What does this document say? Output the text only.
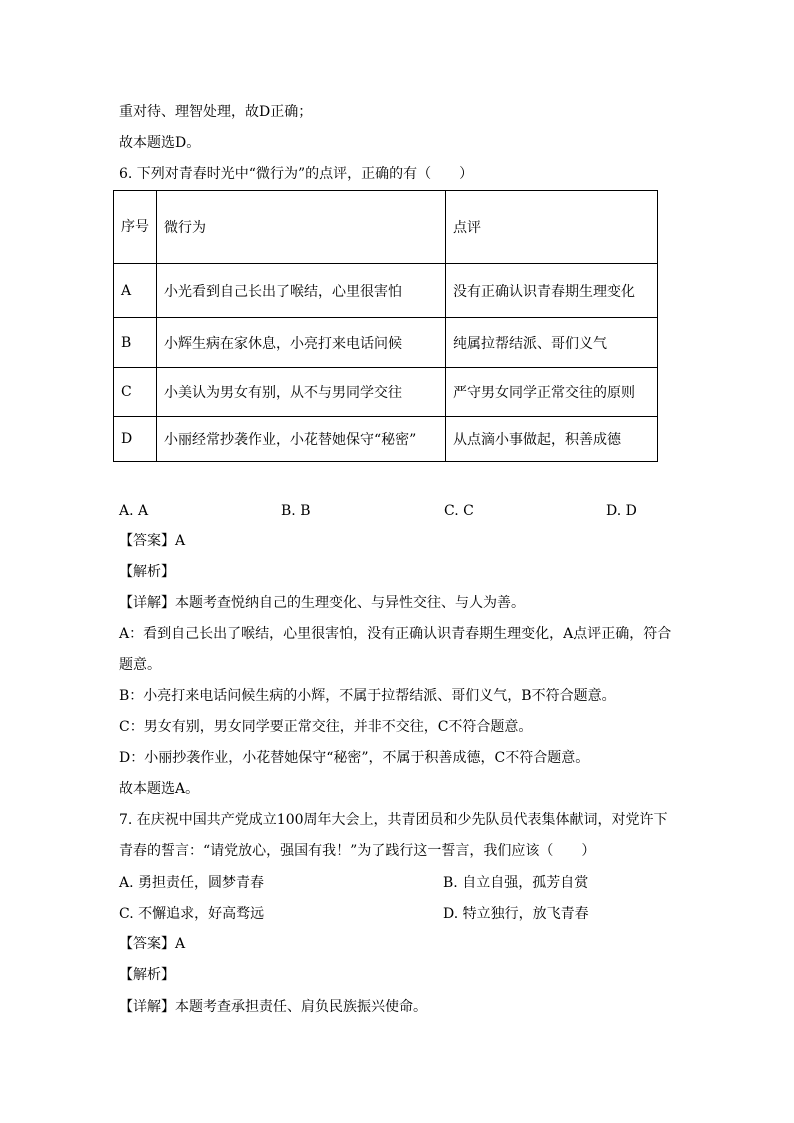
重对待、理智处理，故D正确；
故本题选D。
6. 下列对青春时光中“微行为”的点评，正确的有（　　）
序号	微行为	点评
A	小光看到自己长出了喉结，心里很害怕	没有正确认识青春期生理变化
B	小辉生病在家休息，小亮打来电话问候	纯属拉帮结派、哥们义气
C	小美认为男女有别，从不与男同学交往	严守男女同学正常交往的原则
D	小丽经常抄袭作业，小花替她保守“秘密”	从点滴小事做起，积善成德
A. A	B. B	C. C	D. D
【答案】A
【解析】
【详解】本题考查悦纳自己的生理变化、与异性交往、与人为善。
A：看到自己长出了喉结，心里很害怕，没有正确认识青春期生理变化，A点评正确，符合
题意。
B：小亮打来电话问候生病的小辉，不属于拉帮结派、哥们义气，B不符合题意。
C：男女有别，男女同学要正常交往，并非不交往，C不符合题意。
D：小丽抄袭作业，小花替她保守“秘密”，不属于积善成德，C不符合题意。
故本题选A。
7. 在庆祝中国共产党成立100周年大会上，共青团员和少先队员代表集体献词，对党许下
青春的誓言：“请党放心，强国有我！”为了践行这一誓言，我们应该（　　）
A. 勇担责任，圆梦青春	B. 自立自强，孤芳自赏
C. 不懈追求，好高骛远	D. 特立独行，放飞青春
【答案】A
【解析】
【详解】本题考查承担责任、肩负民族振兴使命。
